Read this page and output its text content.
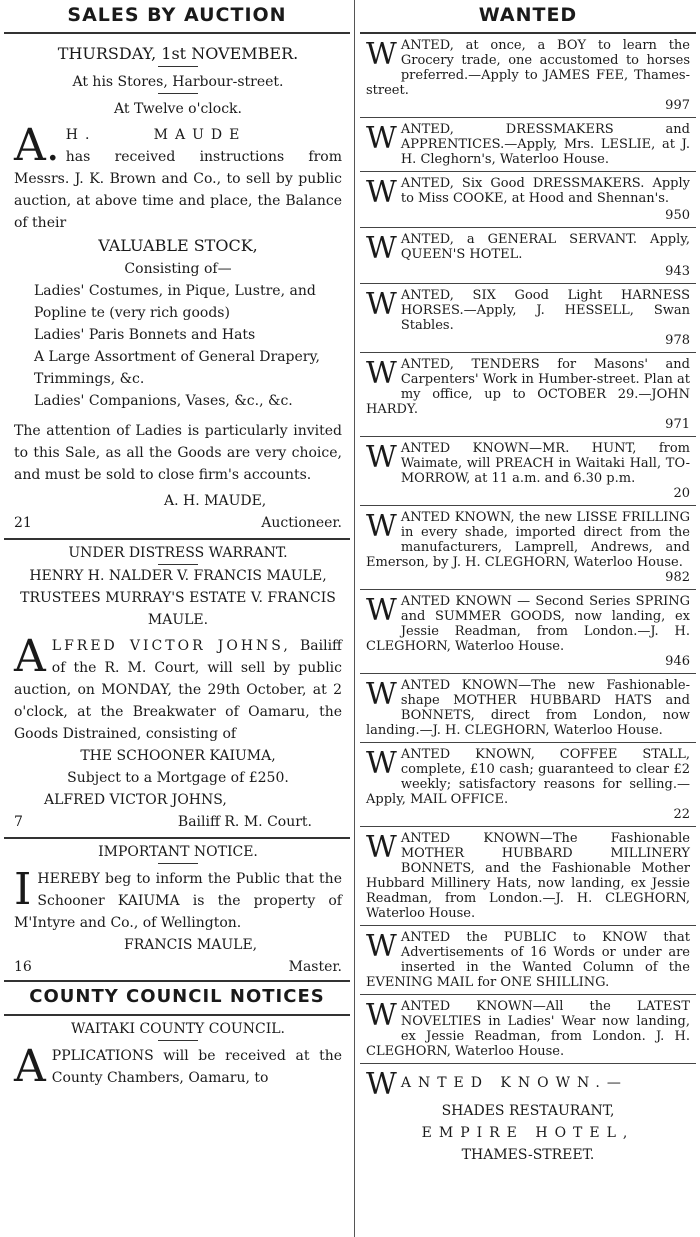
SALES BY AUCTION
THURSDAY, 1st NOVEMBER.
At his Stores, Harbour-street.
At Twelve o'clock.
A. H.     MAUDE
has received instructions from Messrs. J. K. Brown and Co., to sell by public auction, at above time and place, the Balance of their
VALUABLE STOCK,
Consisting of—
Ladies' Costumes, in Pique, Lustre, and Popline te (very rich goods)
Ladies' Paris Bonnets and Hats
A Large Assortment of General Drapery, Trimmings, &c.
Ladies' Companions, Vases, &c., &c.
The attention of Ladies is particularly invited to this Sale, as all the Goods are very choice, and must be sold to close firm's accounts.
A. H. MAUDE,
21	Auctioneer.
UNDER DISTRESS WARRANT.
HENRY H. NALDER V. FRANCIS MAULE,
TRUSTEES MURRAY'S ESTATE V. FRANCIS MAULE.
A LFRED VICTOR JOHNS, Bailiff of the R. M. Court, will sell by public auction, on MONDAY, the 29th October, at 2 o'clock, at the Breakwater of Oamaru, the Goods Distrained, consisting of
THE SCHOONER KAIUMA,
Subject to a Mortgage of £250.
ALFRED VICTOR JOHNS,
7	Bailiff R. M. Court.
IMPORTANT NOTICE.
I HEREBY beg to inform the Public that the Schooner KAIUMA is the property of M'Intyre and Co., of Wellington.
FRANCIS MAULE,
16	Master.
COUNTY COUNCIL NOTICES
WAITAKI COUNTY COUNCIL.
A PPLICATIONS will be received at the County Chambers, Oamaru, to
WANTED
WANTED, at once, a BOY to learn the Grocery trade, one accustomed to horses preferred.—Apply to JAMES FEE, Thames-street.
997
WANTED, DRESSMAKERS and APPRENTICES.—Apply, Mrs. LESLIE, at J. H. Cleghorn's, Waterloo House.
WANTED, Six Good DRESSMAKERS. Apply to Miss COOKE, at Hood and Shennan's.
950
WANTED, a GENERAL SERVANT. Apply, QUEEN'S HOTEL.
943
WANTED, SIX Good Light HARNESS HORSES.—Apply, J. HESSELL, Swan Stables.
978
WANTED, TENDERS for Masons' and Carpenters' Work in Humber-street. Plan at my office, up to OCTOBER 29.—JOHN HARDY.
971
WANTED KNOWN—MR. HUNT, from Waimate, will PREACH in Waitaki Hall, TO-MORROW, at 11 a.m. and 6.30 p.m.
20
WANTED KNOWN, the new LISSE FRILLING in every shade, imported direct from the manufacturers, Lamprell, Andrews, and Emerson, by J. H. CLEGHORN, Waterloo House.
982
WANTED KNOWN — Second Series SPRING and SUMMER GOODS, now landing, ex Jessie Readman, from London.—J. H. CLEGHORN, Waterloo House.
946
WANTED KNOWN—The new Fashionable-shape MOTHER HUBBARD HATS and BONNETS, direct from London, now landing.—J. H. CLEGHORN, Waterloo House.
WANTED KNOWN, COFFEE STALL, complete, £10 cash; guaranteed to clear £2 weekly; satisfactory reasons for selling.—Apply, MAIL OFFICE.
22
WANTED KNOWN—The Fashionable MOTHER HUBBARD MILLINERY BONNETS, and the Fashionable Mother Hubbard Millinery Hats, now landing, ex Jessie Readman, from London.—J. H. CLEGHORN, Waterloo House.
WANTED the PUBLIC to KNOW that Advertisements of 16 Words or under are inserted in the Wanted Column of the EVENING MAIL for ONE SHILLING.
WANTED KNOWN—All the LATEST NOVELTIES in Ladies' Wear now landing, ex Jessie Readman, from London. J. H. CLEGHORN, Waterloo House.
W ANTED KNOWN.—
SHADES RESTAURANT,
EMPIRE HOTEL,
THAMES-STREET.
